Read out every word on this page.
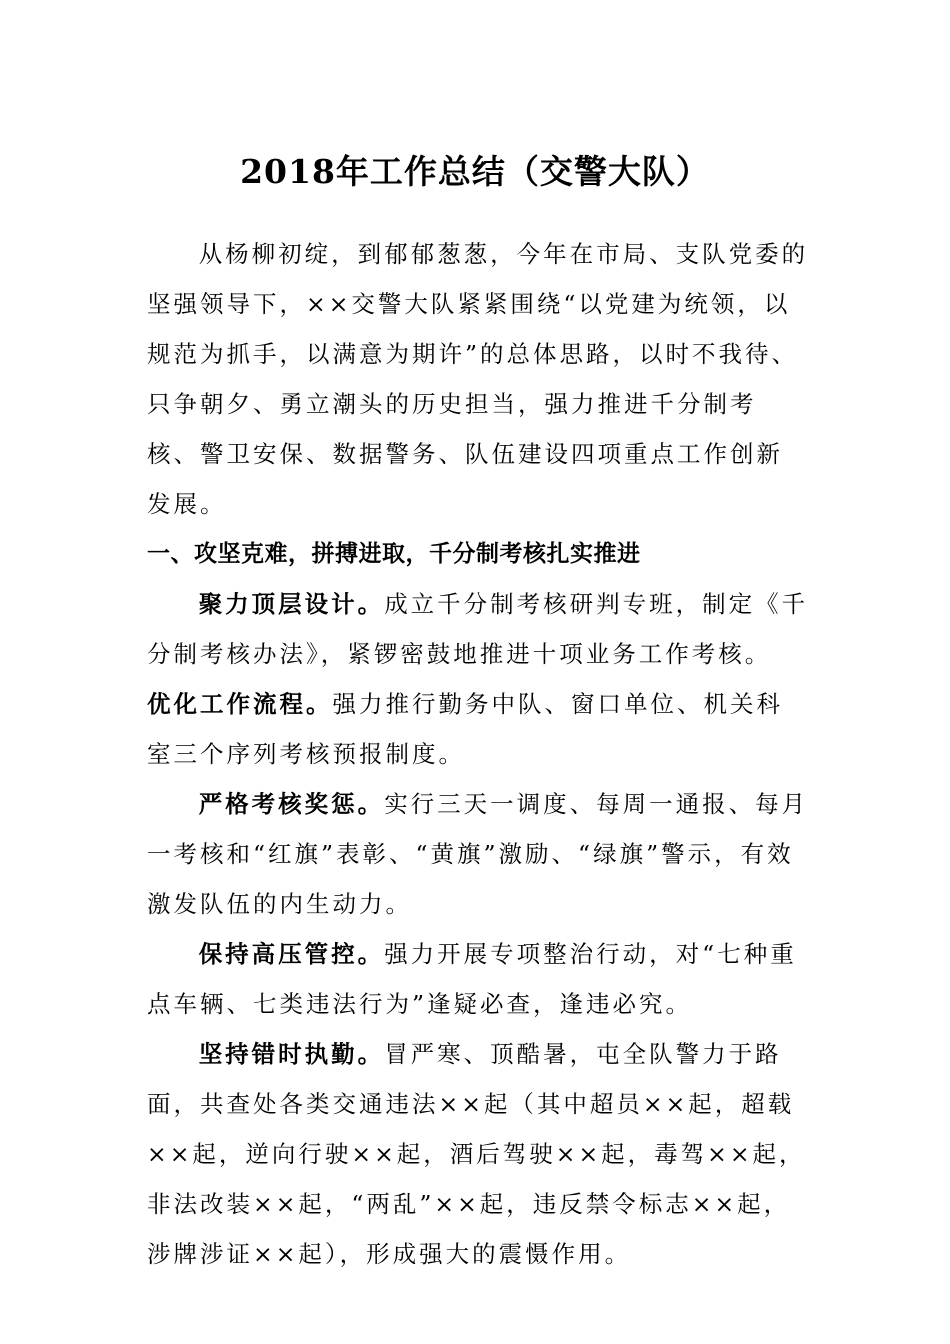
2018年工作总结（交警大队）

从杨柳初绽，到郁郁葱葱，今年在市局、支队党委的坚强领导下，××交警大队紧紧围绕“以党建为统领，以规范为抓手，以满意为期许”的总体思路，以时不我待、只争朝夕、勇立潮头的历史担当，强力推进千分制考核、警卫安保、数据警务、队伍建设四项重点工作创新发展。

一、攻坚克难，拼搏进取，千分制考核扎实推进

聚力顶层设计。成立千分制考核研判专班，制定《千分制考核办法》，紧锣密鼓地推进十项业务工作考核。

优化工作流程。强力推行勤务中队、窗口单位、机关科室三个序列考核预报制度。

严格考核奖惩。实行三天一调度、每周一通报、每月一考核和“红旗”表彰、“黄旗”激励、“绿旗”警示，有效激发队伍的内生动力。

保持高压管控。强力开展专项整治行动，对“七种重点车辆、七类违法行为”逢疑必查，逢违必究。

坚持错时执勤。冒严寒、顶酷暑，屯全队警力于路面，共查处各类交通违法××起（其中超员××起，超载××起，逆向行驶××起，酒后驾驶××起，毒驾××起，非法改装××起，“两乱”××起，违反禁令标志××起，涉牌涉证××起），形成强大的震慑作用。
